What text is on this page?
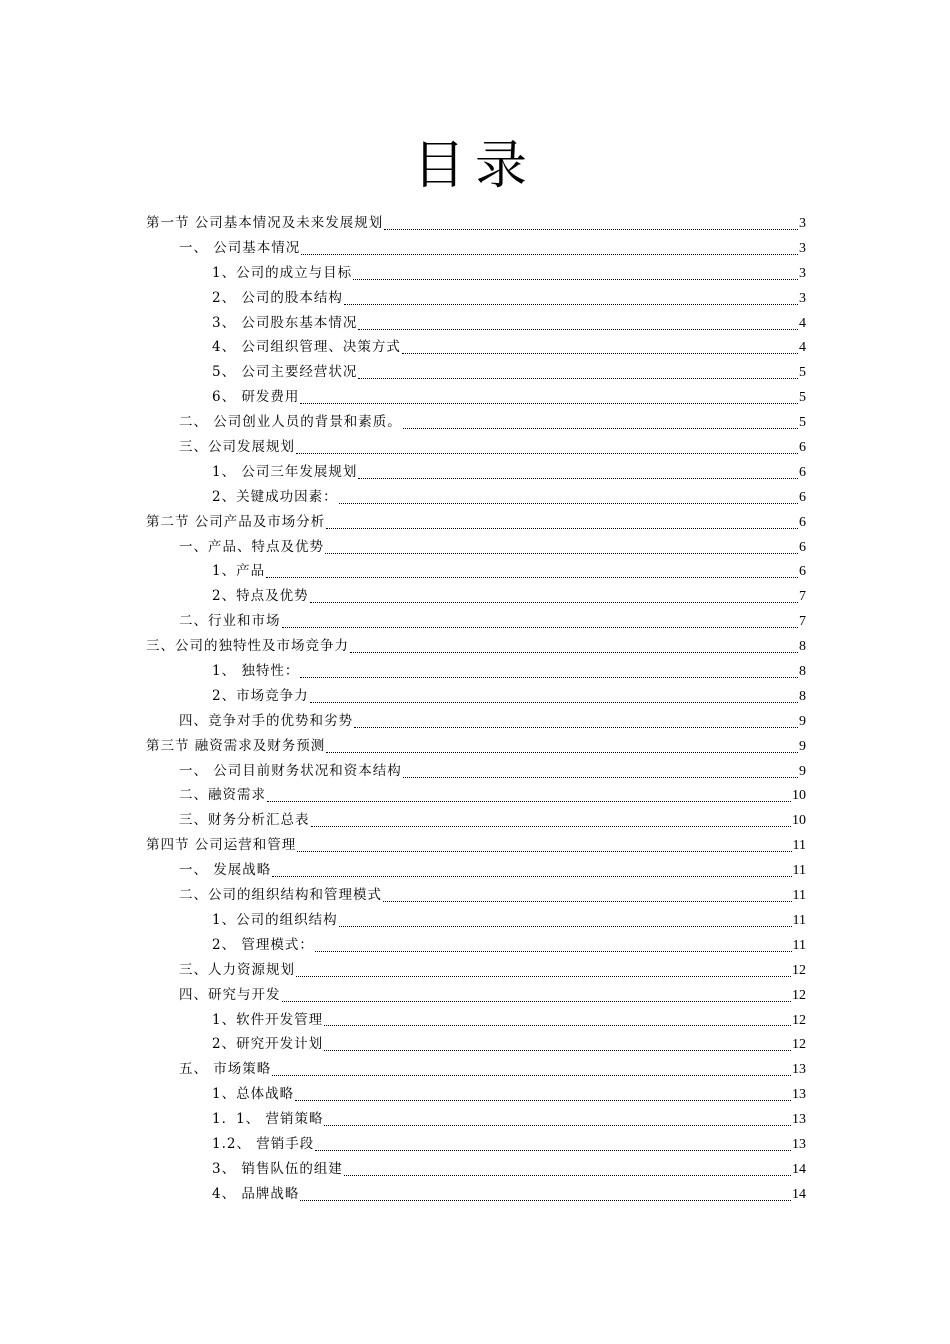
目录
第一节 公司基本情况及未来发展规划	3
一、 公司基本情况	3
1、公司的成立与目标	3
2、 公司的股本结构	3
3、 公司股东基本情况	4
4、 公司组织管理、决策方式	4
5、 公司主要经营状况	5
6、 研发费用	5
二、 公司创业人员的背景和素质。	5
三、公司发展规划	6
1、 公司三年发展规划	6
2、关键成功因素：	6
第二节 公司产品及市场分析	6
一、产品、特点及优势	6
1、产品	6
2、特点及优势	7
二、行业和市场	7
三、公司的独特性及市场竞争力	8
1、 独特性：	8
2、市场竞争力	8
四、竞争对手的优势和劣势	9
第三节 融资需求及财务预测	9
一、 公司目前财务状况和资本结构	9
二、融资需求	10
三、财务分析汇总表	10
第四节 公司运营和管理	11
一、 发展战略	11
二、公司的组织结构和管理模式	11
1、公司的组织结构	11
2、 管理模式：	11
三、人力资源规划	12
四、研究与开发	12
1、软件开发管理	12
2、研究开发计划	12
五、 市场策略	13
1、总体战略	13
1．1、 营销策略	13
1.2、 营销手段	13
3、 销售队伍的组建	14
4、 品牌战略	14
